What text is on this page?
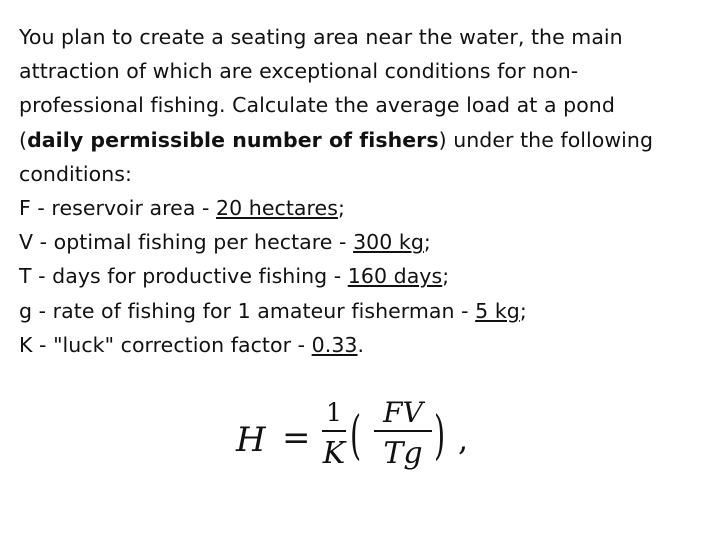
You plan to create a seating area near the water, the main
attraction of which are exceptional conditions for non-
professional fishing. Calculate the average load at a pond
(daily permissible number of fishers) under the following
conditions:
F - reservoir area - 20 hectares;
V - optimal fishing per hectare - 300 kg;
T - days for productive fishing - 160 days;
g - rate of fishing for 1 amateur fisherman - 5 kg;
K - "luck" correction factor - 0.33.
H =
1
K ( FV
Tg ) ,
